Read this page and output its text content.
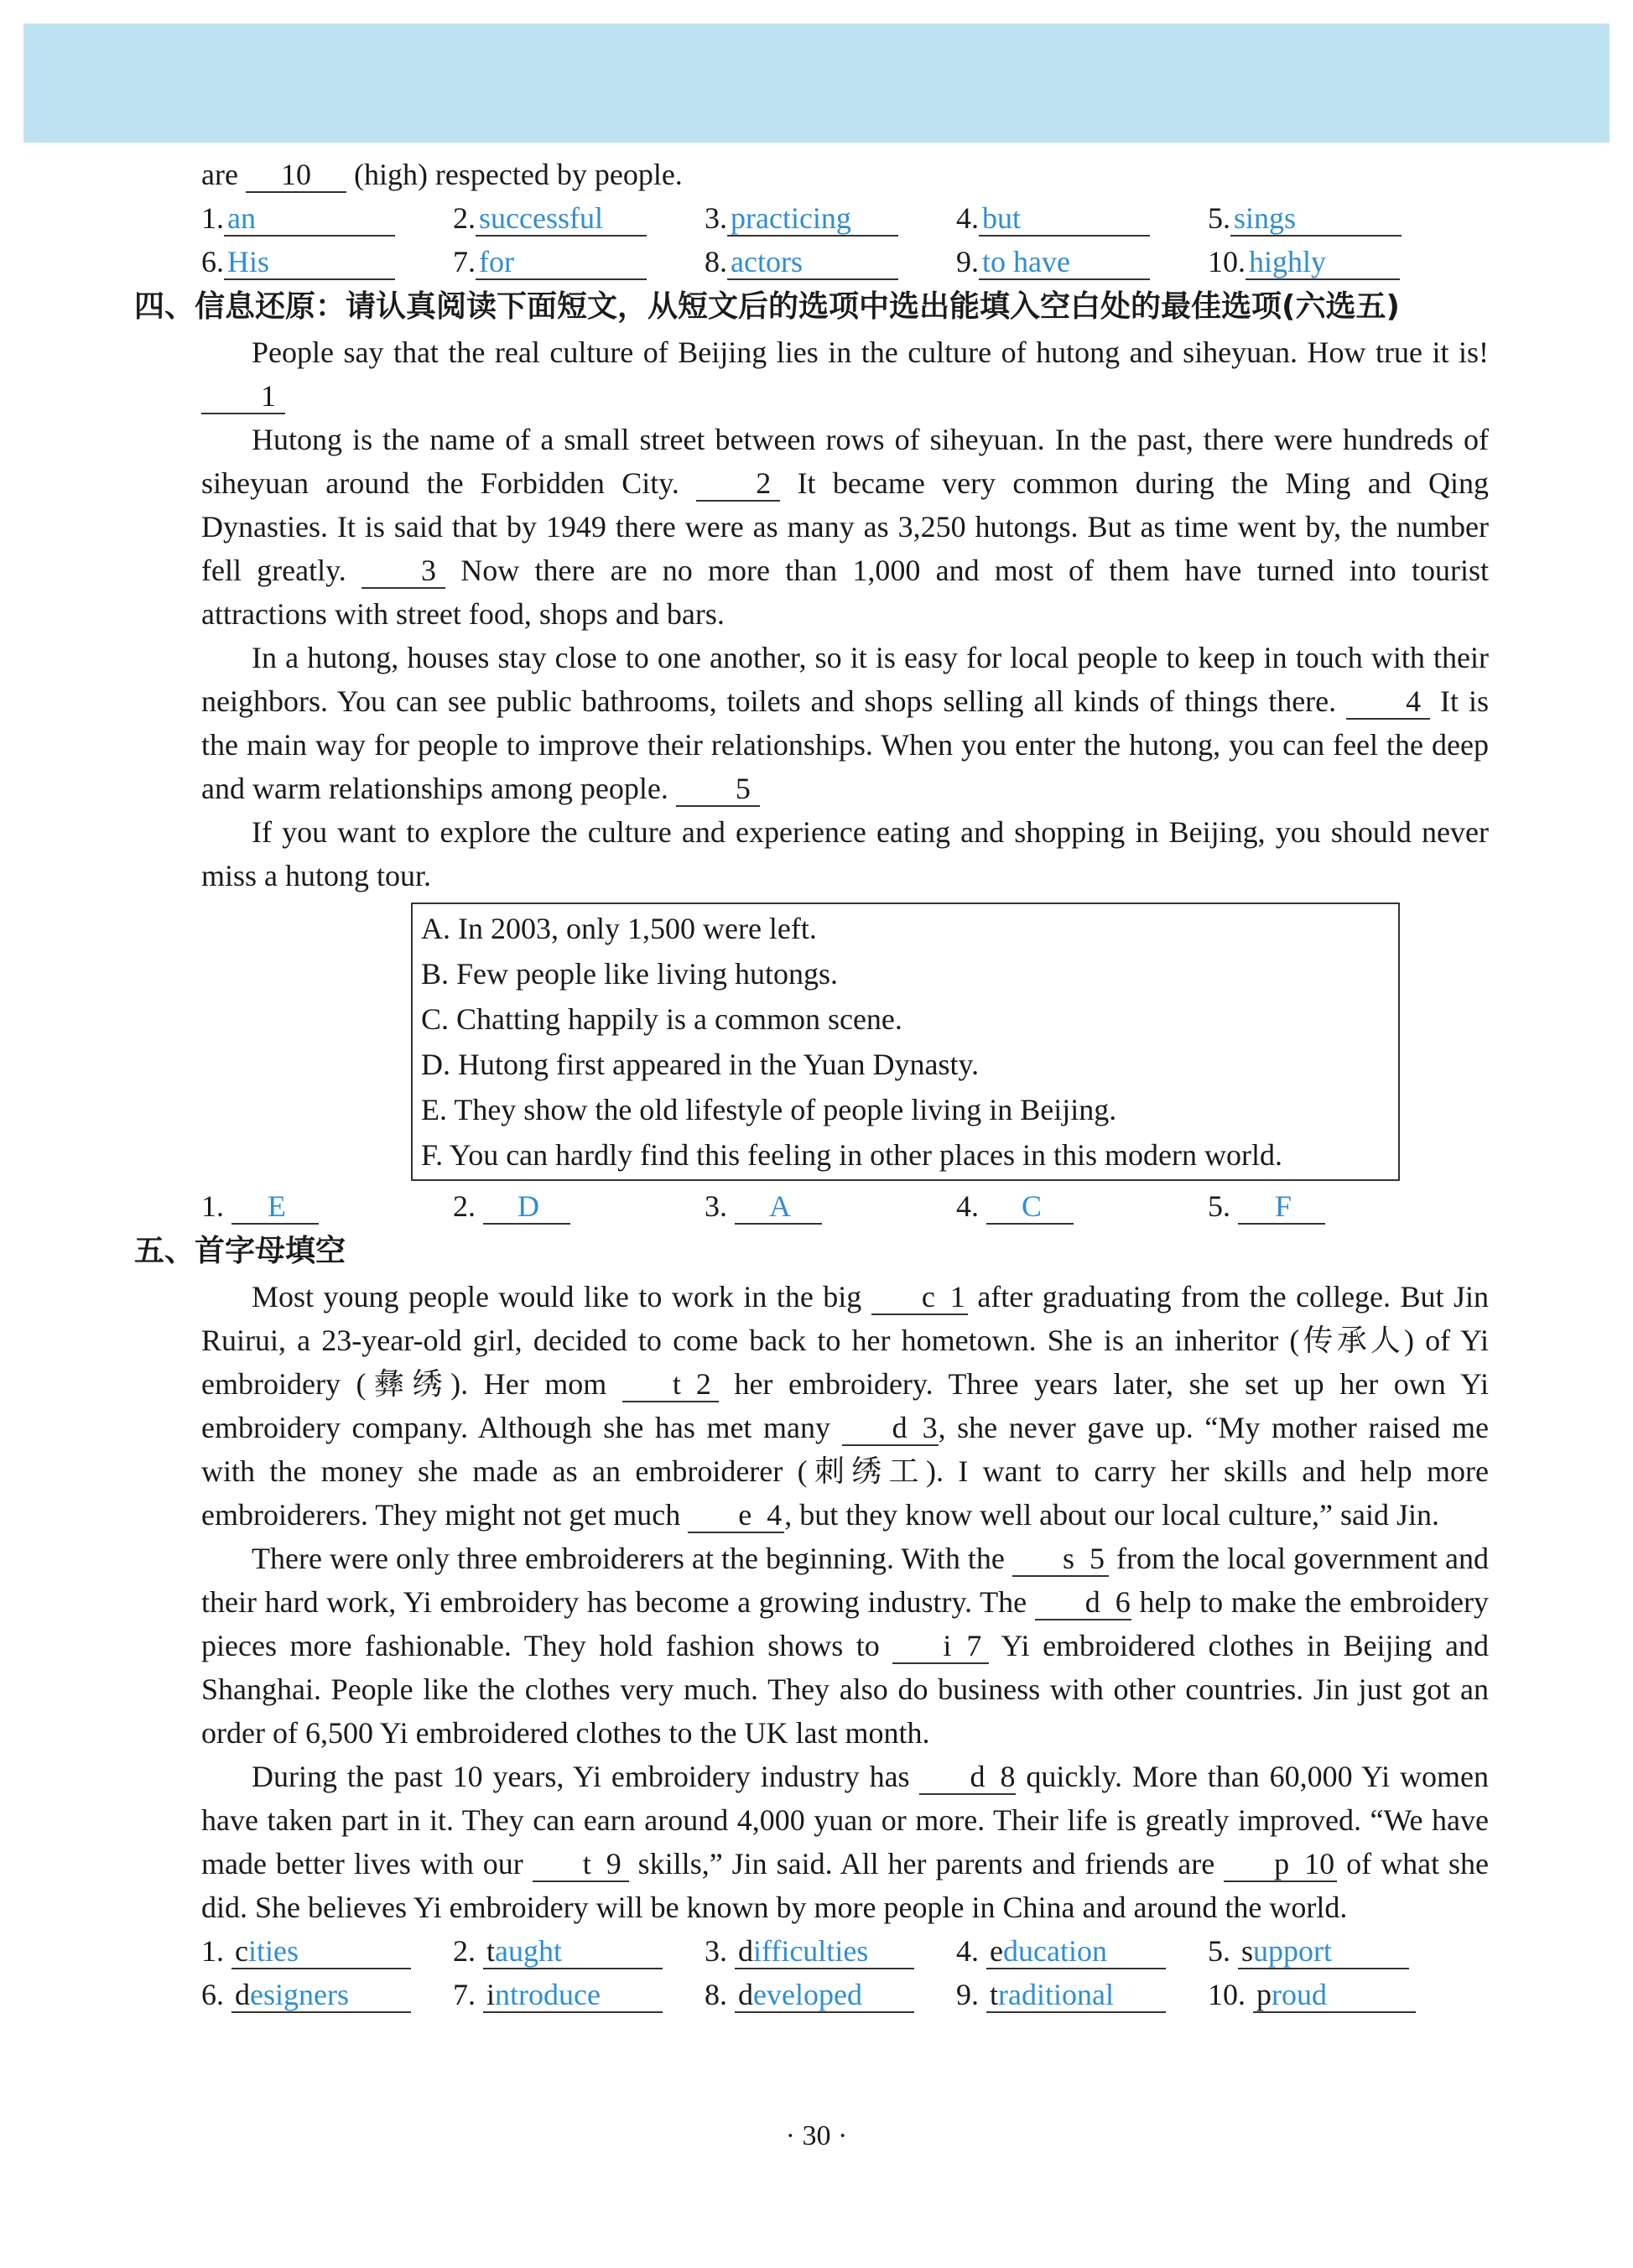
are 10 (high) respected by people.
1. an	2. successful	3. practicing	4. but	5. sings
6. His	7. for	8. actors	9. to have	10. highly
四、信息还原：请认真阅读下面短文，从短文后的选项中选出能填入空白处的最佳选项(六选五)
People say that the real culture of Beijing lies in the culture of hutong and siheyuan. How true it is! 1
Hutong is the name of a small street between rows of siheyuan. In the past, there were hundreds of siheyuan around the Forbidden City.	2 It became very common during the Ming and Qing Dynasties. It is said that by 1949 there were as many as 3,250 hutongs. But as time went by, the number fell greatly. 3 Now there are no more than 1,000 and most of them have turned into tourist attractions with street food, shops and bars.
In a hutong, houses stay close to one another, so it is easy for local people to keep in touch with their neighbors. You can see public bathrooms, toilets and shops selling all kinds of things there. 4 It is the main way for people to improve their relationships. When you enter the hutong, you can feel the deep and warm relationships among people. 5
If you want to explore the culture and experience eating and shopping in Beijing, you should never miss a hutong tour.
A. In 2003, only 1,500 were left.
B. Few people like living hutongs.
C. Chatting happily is a common scene.
D. Hutong first appeared in the Yuan Dynasty.
E. They show the old lifestyle of people living in Beijing.
F. You can hardly find this feeling in other places in this modern world.
1. E	2. D	3. A	4. C	5. F
五、首字母填空
Most young people would like to work in the big c 1 after graduating from the college. But Jin Ruirui, a 23-year-old girl, decided to come back to her hometown. She is an inheritor (传承人) of Yi embroidery (彝绣). Her mom t 2 her embroidery. Three years later, she set up her own Yi embroidery company. Although she has met many d 3, she never gave up. “My mother raised me with the money she made as an embroiderer (刺绣工). I want to carry her skills and help more embroiderers. They might not get much e 4, but they know well about our local culture,” said Jin.
There were only three embroiderers at the beginning. With the s 5 from the local government and their hard work, Yi embroidery has become a growing industry. The d 6 help to make the embroidery pieces more fashionable. They hold fashion shows to i 7 Yi embroidered clothes in Beijing and Shanghai. People like the clothes very much. They also do business with other countries. Jin just got an order of 6,500 Yi embroidered clothes to the UK last month.
During the past 10 years, Yi embroidery industry has d 8 quickly. More than 60,000 Yi women have taken part in it. They can earn around 4,000 yuan or more. Their life is greatly improved. “We have made better lives with our t 9 skills,” Jin said. All her parents and friends are p 10 of what she did. She believes Yi embroidery will be known by more people in China and around the world.
1. cities	2. taught	3. difficulties	4. education	5. support
6. designers	7. introduce	8. developed	9. traditional	10. proud
· 30 ·
